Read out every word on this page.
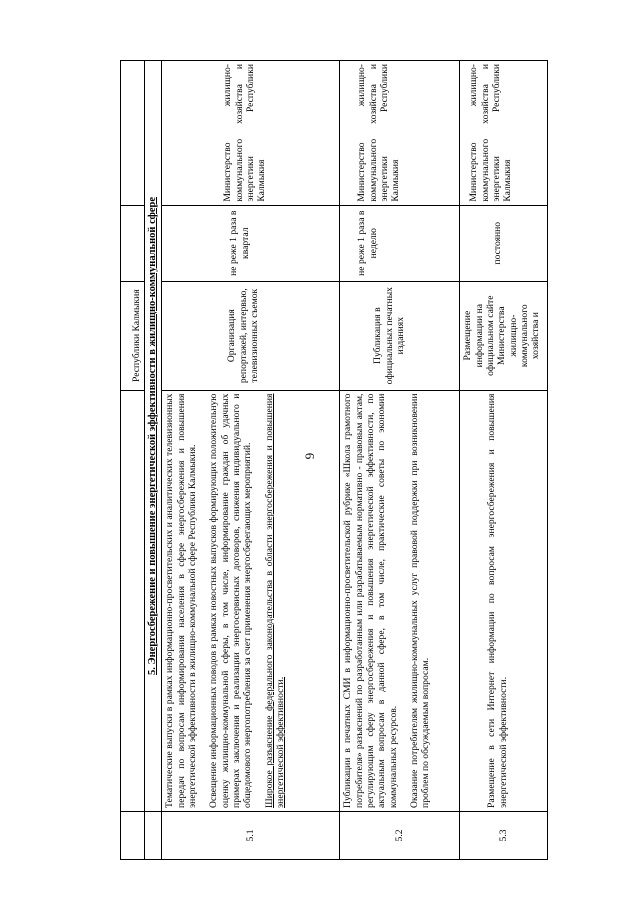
6
		Республики Калмыкия		
	5. Энергосбережение и повышение энергетической эффективности в жилищно-коммунальной сфере			
5.1	Тематические выпуски в рамках информационно-просветительских и аналитических телевизионных передач по вопросам информирования населения в сфере энергосбережения и повышения энергетической эффективности в жилищно-коммунальной сфере Республики Калмыкия. Освещение информационных поводов в рамках новостных выпусков формирующих положительную оценку жилищно-коммунальной сферы, в том числе, информирование граждан об удачных примерах заключения и реализации энергосервисных договоров, снижения индивидуального и общедомового энергопотребления за счет применения энергосберегающих мероприятий. Широкое разъяснение федерального законодательства в области энергосбережения и повышения энергетической эффективности.	Организация репортажей, интервью, телевизионных съемок	не реже 1 раза в квартал	Министерство жилищно-коммунального хозяйства и энергетики Республики Калмыкия

5.2	Публикации в печатных СМИ в информационно-просветительской рубрике «Школа грамотного потребителя» разъяснений по разработанным или разрабатываемым нормативно - правовым актам, регулирующим сферу энергосбережения и повышения энергетической эффективности, по актуальным вопросам в данной сфере, в том числе, практические советы по экономии коммунальных ресурсов. Оказание потребителям жилищно-коммунальных услуг правовой поддержки при возникновении проблем по обсуждаемым вопросам.	Публикация в официальных печатных изданиях	не реже 1 раза в неделю	Министерство жилищно-коммунального хозяйства и энергетики Республики Калмыкия

5.3	Размещение в сети Интернет информации по вопросам энергосбережения и повышения энергетической эффективности.	Размещение информации на официальном сайте Министерства жилищно-коммунального хозяйства и	постоянно	Министерство жилищно-коммунального хозяйства и энергетики Республики Калмыкия
